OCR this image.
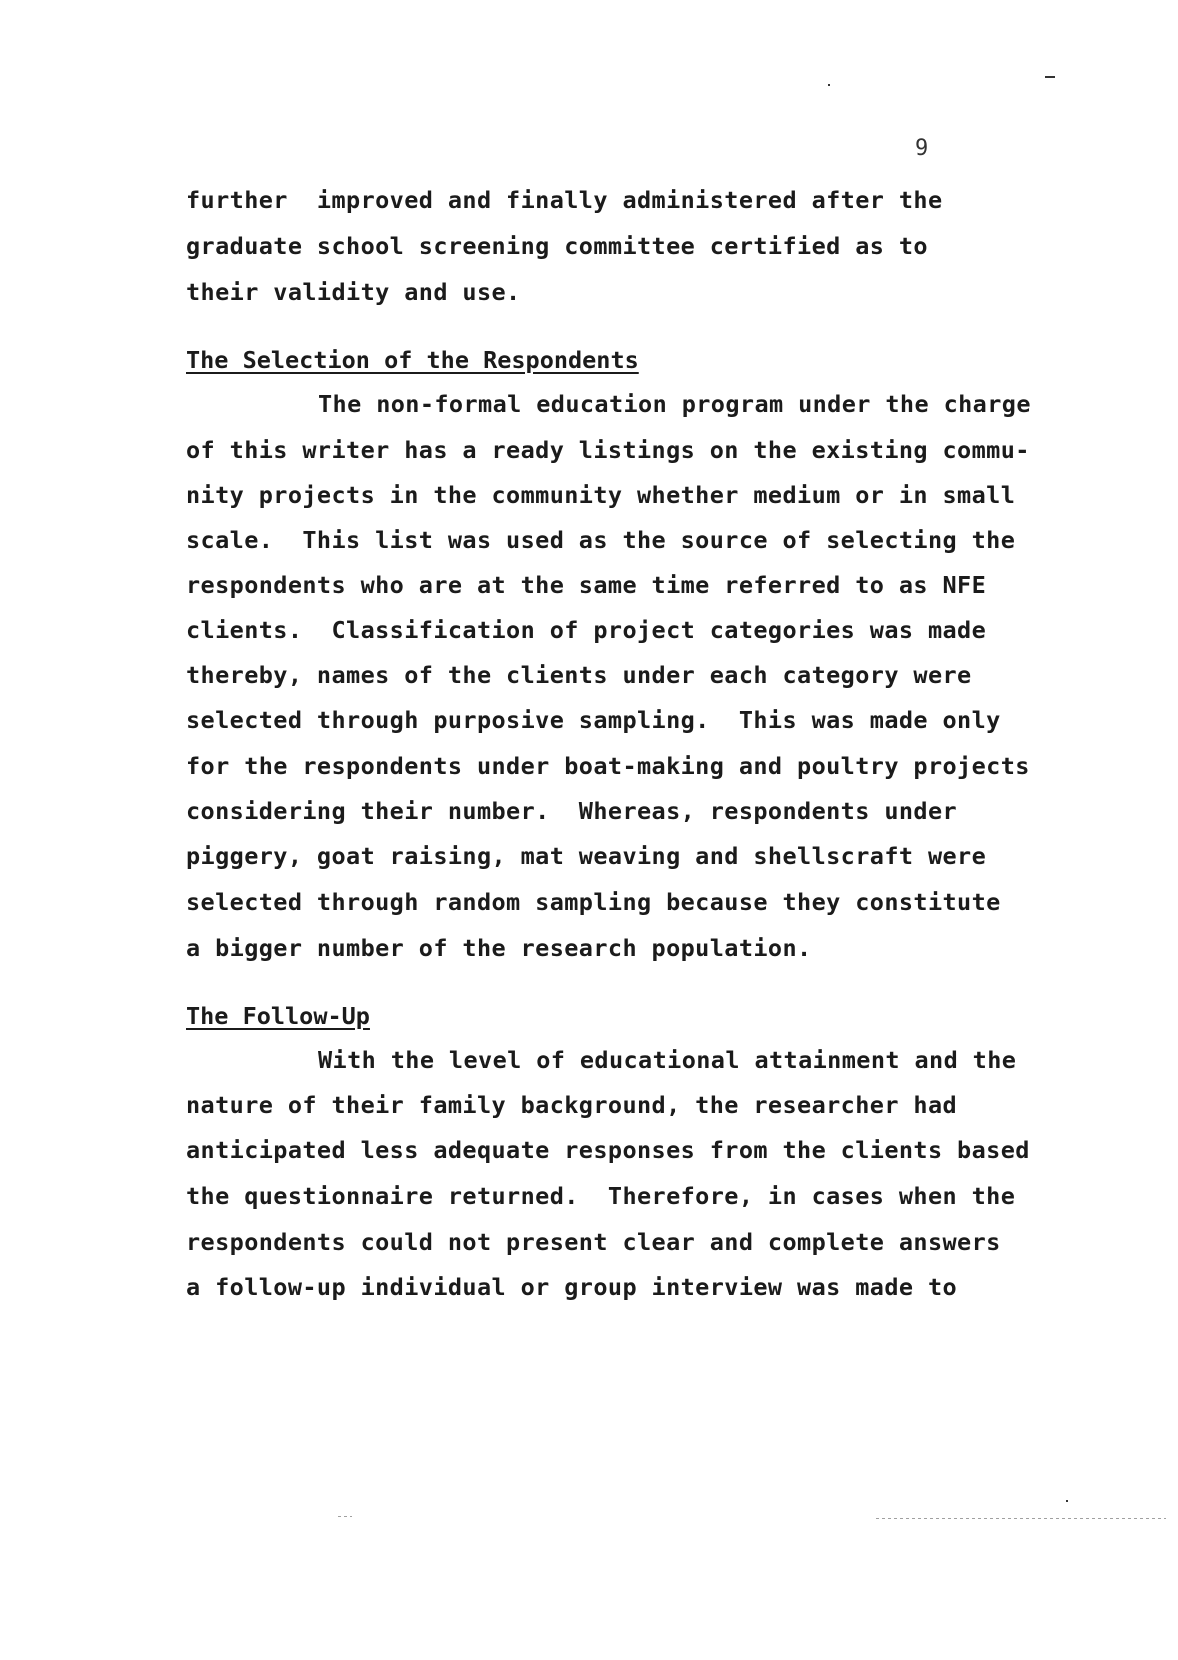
9
further  improved and finally administered after the
graduate school screening committee certified as to
their validity and use.
The Selection of the Respondents
The non-formal education program under the charge
of this writer has a ready listings on the existing commu-
nity projects in the community whether medium or in small
scale.  This list was used as the source of selecting the
respondents who are at the same time referred to as NFE
clients.  Classification of project categories was made
thereby, names of the clients under each category were
selected through purposive sampling.  This was made only
for the respondents under boat-making and poultry projects
considering their number.  Whereas, respondents under
piggery, goat raising, mat weaving and shellscraft were
selected through random sampling because they constitute
a bigger number of the research population.
The Follow-Up
With the level of educational attainment and the
nature of their family background, the researcher had
anticipated less adequate responses from the clients based
the questionnaire returned.  Therefore, in cases when the
respondents could not present clear and complete answers
a follow-up individual or group interview was made to
